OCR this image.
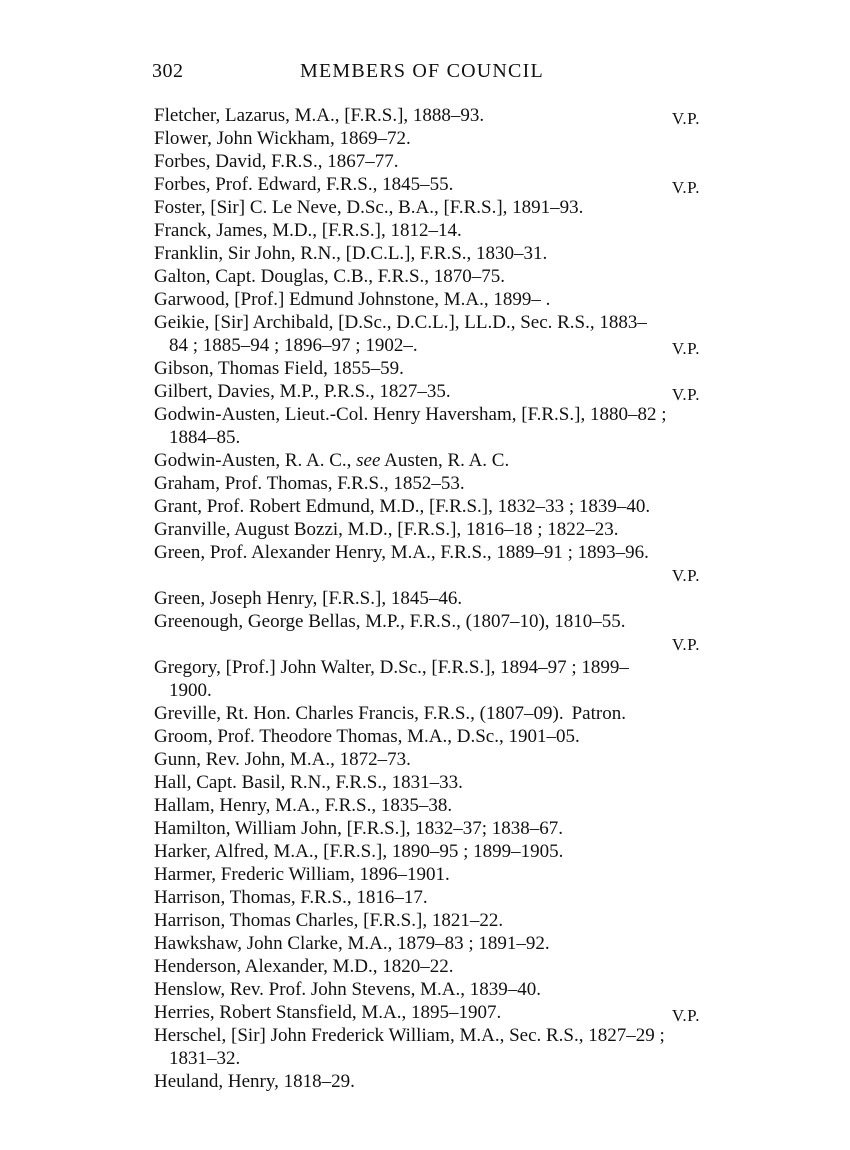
302	MEMBERS OF COUNCIL
V.P.
Fletcher, Lazarus, M.A., [F.R.S.], 1888–93.
Flower, John Wickham, 1869–72.
Forbes, David, F.R.S., 1867–77.
V.P.
Forbes, Prof. Edward, F.R.S., 1845–55.
Foster, [Sir] C. Le Neve, D.Sc., B.A., [F.R.S.], 1891–93.
Franck, James, M.D., [F.R.S.], 1812–14.
Franklin, Sir John, R.N., [D.C.L.], F.R.S., 1830–31.
Galton, Capt. Douglas, C.B., F.R.S., 1870–75.
Garwood, [Prof.] Edmund Johnstone, M.A., 1899– .
Geikie, [Sir] Archibald, [D.Sc., D.C.L.], LL.D., Sec. R.S., 1883–
V.P.
84 ; 1885–94 ; 1896–97 ; 1902–.
Gibson, Thomas Field, 1855–59.
V.P.
Gilbert, Davies, M.P., P.R.S., 1827–35.
Godwin-Austen, Lieut.-Col. Henry Haversham, [F.R.S.], 1880–82 ;
1884–85.
Godwin-Austen, R. A. C., see Austen, R. A. C.
Graham, Prof. Thomas, F.R.S., 1852–53.
Grant, Prof. Robert Edmund, M.D., [F.R.S.], 1832–33 ; 1839–40.
Granville, August Bozzi, M.D., [F.R.S.], 1816–18 ; 1822–23.
Green, Prof. Alexander Henry, M.A., F.R.S., 1889–91 ; 1893–96.
V.P.
Green, Joseph Henry, [F.R.S.], 1845–46.
Greenough, George Bellas, M.P., F.R.S., (1807–10), 1810–55.
V.P.
Gregory, [Prof.] John Walter, D.Sc., [F.R.S.], 1894–97 ; 1899–
1900.
Greville, Rt. Hon. Charles Francis, F.R.S., (1807–09). Patron.
Groom, Prof. Theodore Thomas, M.A., D.Sc., 1901–05.
Gunn, Rev. John, M.A., 1872–73.
Hall, Capt. Basil, R.N., F.R.S., 1831–33.
Hallam, Henry, M.A., F.R.S., 1835–38.
Hamilton, William John, [F.R.S.], 1832–37; 1838–67.
Harker, Alfred, M.A., [F.R.S.], 1890–95 ; 1899–1905.
Harmer, Frederic William, 1896–1901.
Harrison, Thomas, F.R.S., 1816–17.
Harrison, Thomas Charles, [F.R.S.], 1821–22.
Hawkshaw, John Clarke, M.A., 1879–83 ; 1891–92.
Henderson, Alexander, M.D., 1820–22.
Henslow, Rev. Prof. John Stevens, M.A., 1839–40.
V.P.
Herries, Robert Stansfield, M.A., 1895–1907.
Herschel, [Sir] John Frederick William, M.A., Sec. R.S., 1827–29 ;
1831–32.
Heuland, Henry, 1818–29.
